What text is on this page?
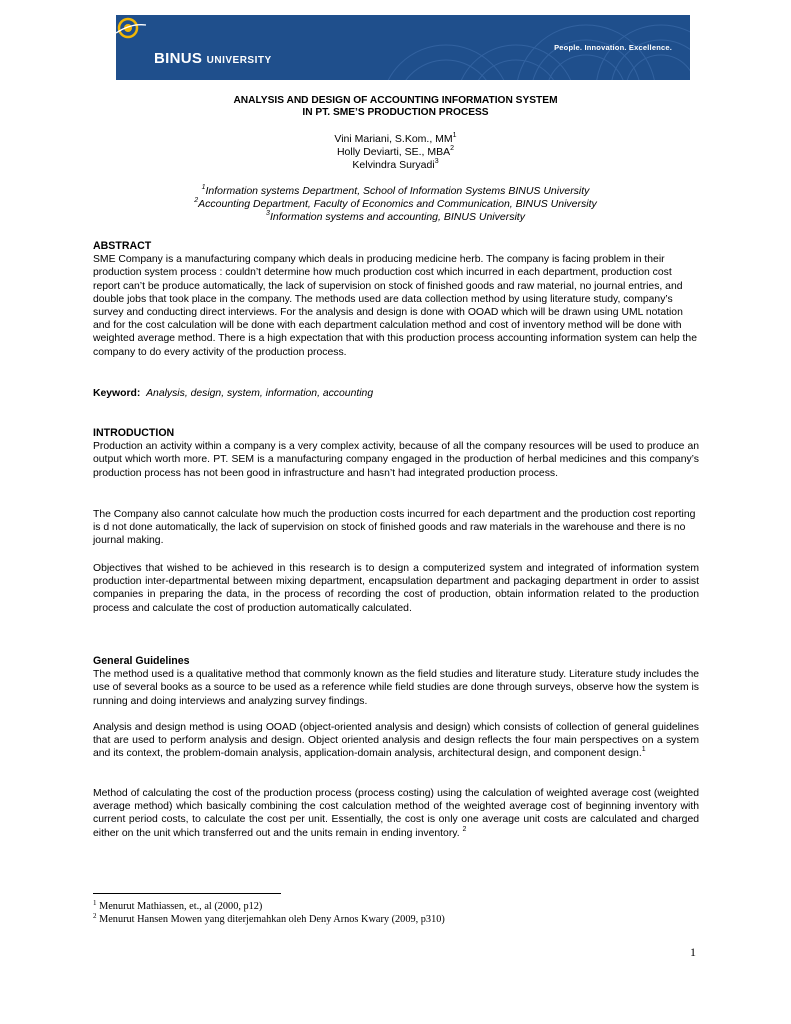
BINUS UNIVERSITY
People. Innovation. Excellence.
ANALYSIS AND DESIGN OF ACCOUNTING INFORMATION SYSTEM
IN PT. SME’S PRODUCTION PROCESS
Vini Mariani, S.Kom., $MM^1$
Holly Deviarti, SE., MBA$^2$
Kelvindra Suryadi$^3$
$^1$Information systems Department, School of Information Systems BINUS University
$^2$Accounting Department, Faculty of Economics and Communication, BINUS University
$^3$Information systems and accounting, BINUS University
ABSTRACT

SME Company is a manufacturing company which deals in producing medicine herb. The company is facing problem in their production system process : couldn’t determine how much production cost which incurred in each department, production cost report can’t be produce automatically, the lack of supervision on stock of finished goods and raw material, no journal entries, and double jobs that took place in the company. The methods used are data collection method by using literature study, company’s survey and conducting direct interviews. For the analysis and design is done with OOAD which will be drawn using UML notation and for the cost calculation will be done with each department calculation method and cost of inventory method will be done with weighted average method. There is a high expectation that with this production process accounting information system can help the company to do every activity of the production process.

Keyword: Analysis, design, system, information, accounting
INTRODUCTION

Production an activity within a company is a very complex activity, because of all the company resources will be used to produce an output which worth more. PT. SEM is a manufacturing company engaged in the production of herbal medicines and this company’s production process has not been good in infrastructure and hasn’t had integrated production process.

The Company also cannot calculate how much the production costs incurred for each department and the production cost reporting is d not done automatically, the lack of supervision on stock of finished goods and raw materials in the warehouse and there is no journal making.

Objectives that wished to be achieved in this research is to design a computerized system and integrated of information system production inter-departmental between mixing department, encapsulation department and packaging department in order to assist companies in preparing the data, in the process of recording the cost of production, obtain information related to the production process and calculate the cost of production automatically calculated.

General Guidelines

The method used is a qualitative method that commonly known as the field studies and literature study. Literature study includes the use of several books as a source to be used as a reference while field studies are done through surveys, observe how the system is running and doing interviews and analyzing survey findings.

Analysis and design method is using OOAD (object-oriented analysis and design) which consists of collection of general guidelines that are used to perform analysis and design. Object oriented analysis and design reflects the four main perspectives on a system and its context, the problem-domain analysis, application-domain analysis, architectural design, and component design.$^1$

Method of calculating the cost of the production process (process costing) using the calculation of weighted average cost (weighted average method) which basically combining the cost calculation method of the weighted average cost of beginning inventory with current period costs, to calculate the cost per unit. Essentially, the cost is only one average unit costs are calculated and charged either on the unit which transferred out and the units remain in ending inventory. $^2$

$^1$ Menurut Mathiassen, et., al (2000, p12)
$^2$ Menurut Hansen Mowen yang diterjemahkan oleh Deny Arnos Kwary (2009, p310)
1
